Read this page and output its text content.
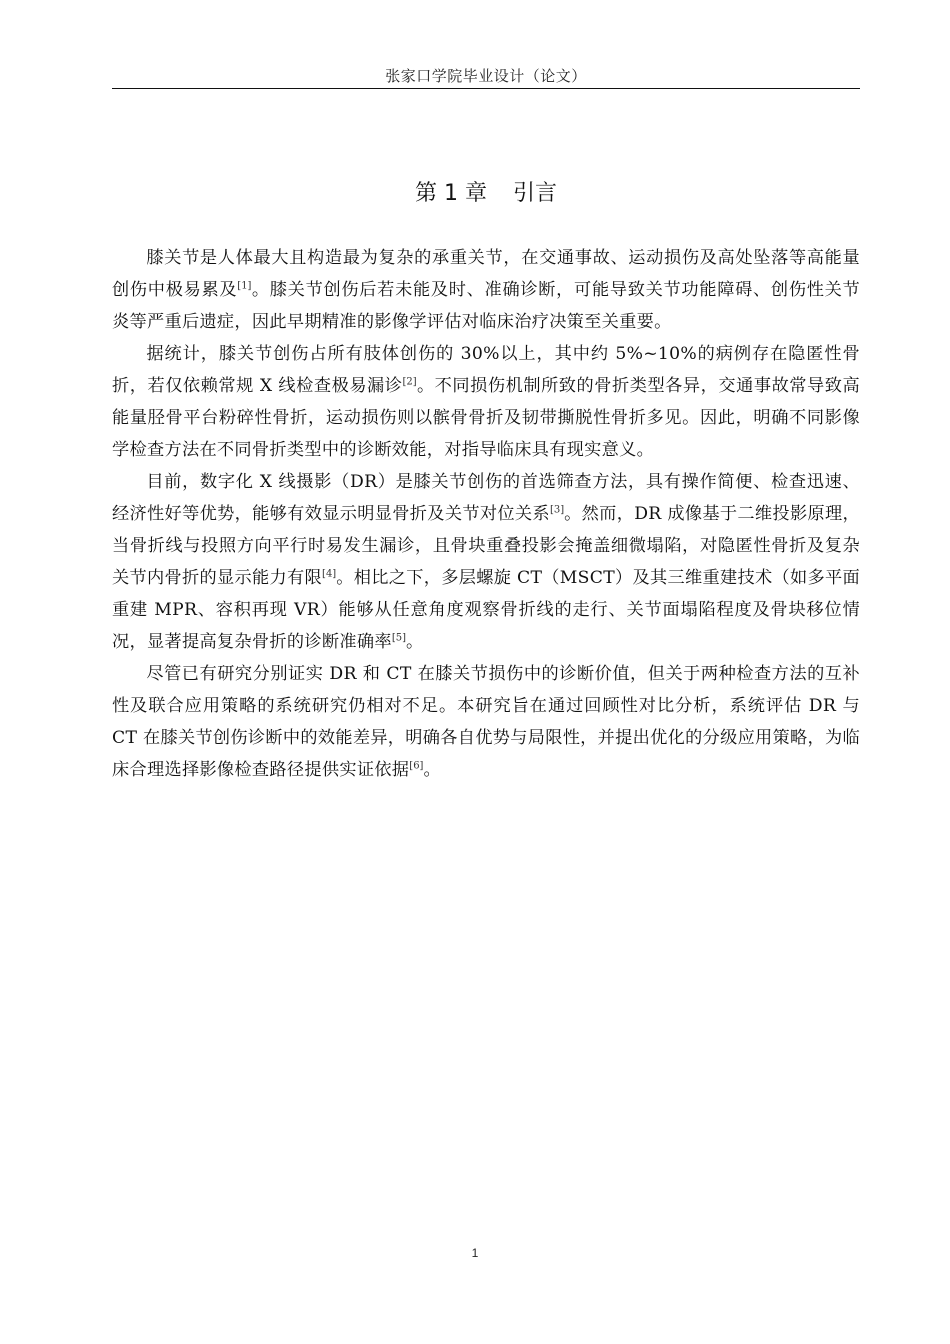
张家口学院毕业设计（论文）
第 1 章 引言

膝关节是人体最大且构造最为复杂的承重关节，在交通事故、运动损伤及高处坠落等高能量创伤中极易累及[1]。膝关节创伤后若未能及时、准确诊断，可能导致关节功能障碍、创伤性关节炎等严重后遗症，因此早期精准的影像学评估对临床治疗决策至关重要。

据统计，膝关节创伤占所有肢体创伤的 30%以上，其中约 5%~10%的病例存在隐匿性骨折，若仅依赖常规 X 线检查极易漏诊[2]。不同损伤机制所致的骨折类型各异，交通事故常导致高能量胫骨平台粉碎性骨折，运动损伤则以髌骨骨折及韧带撕脱性骨折多见。因此，明确不同影像学检查方法在不同骨折类型中的诊断效能，对指导临床具有现实意义。

目前，数字化 X 线摄影（DR）是膝关节创伤的首选筛查方法，具有操作简便、检查迅速、经济性好等优势，能够有效显示明显骨折及关节对位关系[3]。然而，DR 成像基于二维投影原理，当骨折线与投照方向平行时易发生漏诊，且骨块重叠投影会掩盖细微塌陷，对隐匿性骨折及复杂关节内骨折的显示能力有限[4]。相比之下，多层螺旋 CT（MSCT）及其三维重建技术（如多平面重建 MPR、容积再现 VR）能够从任意角度观察骨折线的走行、关节面塌陷程度及骨块移位情况，显著提高复杂骨折的诊断准确率[5]。

尽管已有研究分别证实 DR 和 CT 在膝关节损伤中的诊断价值，但关于两种检查方法的互补性及联合应用策略的系统研究仍相对不足。本研究旨在通过回顾性对比分析，系统评估 DR 与 CT 在膝关节创伤诊断中的效能差异，明确各自优势与局限性，并提出优化的分级应用策略，为临床合理选择影像检查路径提供实证依据[6]。

1
